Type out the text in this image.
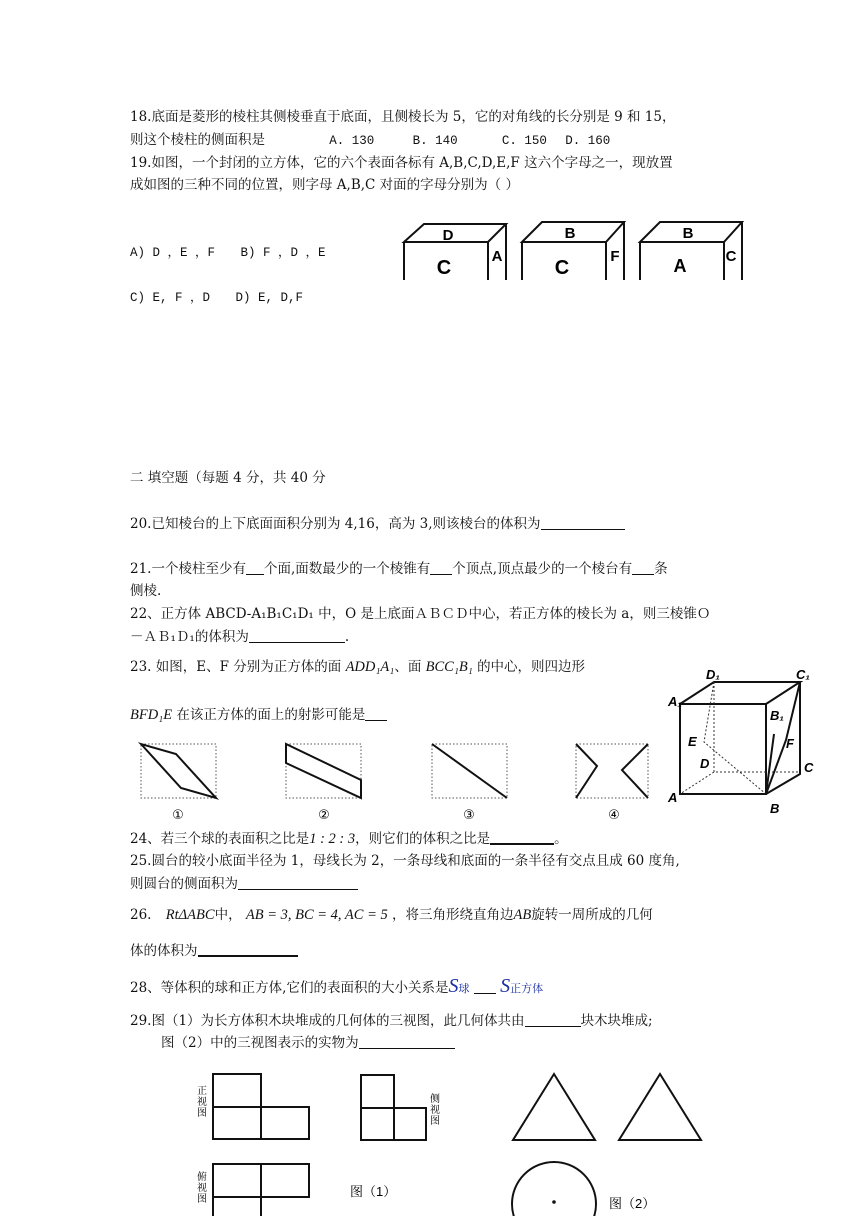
18.底面是菱形的棱柱其侧棱垂直于底面，且侧棱长为 5，它的对角线的长分别是 9 和 15，
则这个棱柱的侧面积是	A. 130	B. 140	C. 150 D. 160
19.如图，一个封闭的立方体，它的六个表面各标有 A,B,C,D,E,F 这六个字母之一，现放置
成如图的三种不同的位置，则字母 A,B,C 对面的字母分别为（ ）
A) D ，E ，F B) F ，D ，E
C) E, F ，D D) E, D,F
D
C
A
B
C
F
B
A	C
二 填空题（每题 4 分，共 40 分
20.已知棱台的上下底面面积分别为 4,16，高为 3,则该棱台的体积为
21.一个棱柱至少有 个面,面数最少的一个棱锥有 个顶点,顶点最少的一个棱台有 条
侧棱.
22、正方体 ABCD-A₁B₁C₁D₁ 中，O 是上底面ＡＢＣＤ中心，若正方体的棱长为 a，则三棱锥Ｏ
－ＡＢ₁Ｄ₁的体积为	.
23. 如图，E、F 分别为正方体的面 ADD₁A₁、面 BCC₁B₁ 的中心，则四边形
BFD₁E 在该正方体的面上的射影可能是
①	②	③	④
D₁	C₁
A₁
B₁
E	F
D	C
A
B
24、若三个球的表面积之比是1 : 2 : 3，则它们的体积之比是	。
25.圆台的较小底面半径为 1，母线长为 2，一条母线和底面的一条半径有交点且成 60 度角,
则圆台的侧面积为
26. RtΔABC中， AB = 3, BC = 4, AC = 5 ，将三角形绕直角边AB旋转一周所成的几何
体的体积为
28、等体积的球和正方体,它们的表面积的大小关系是S球 S正方体
29.图（1）为长方体积木块堆成的几何体的三视图，此几何体共由	块木块堆成;
图（2）中的三视图表示的实物为
正视图
侧视图
俯视图
图（1）
图（2）
